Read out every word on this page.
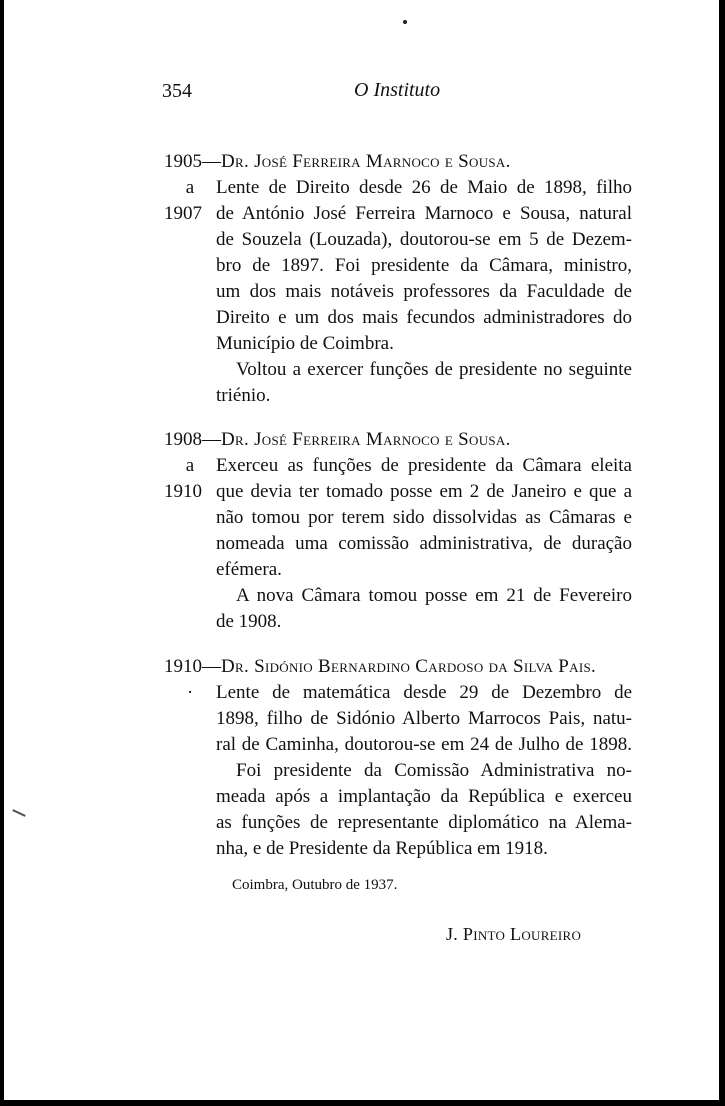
354	O Instituto
1905 — Dr. José Ferreira Marnoco e Sousa.
a	Lente de Direito desde 26 de Maio de 1898, filho
1907 de António José Ferreira Marnoco e Sousa, natural
de Souzela (Louzada), doutorou-se em 5 de Dezem-
bro de 1897. Foi presidente da Câmara, ministro,
um dos mais notáveis professores da Faculdade de
Direito e um dos mais fecundos administradores do
Município de Coimbra.
Voltou a exercer funções de presidente no seguinte
triénio.
1908 — Dr. José Ferreira Marnoco e Sousa.
a	Exerceu as funções de presidente da Câmara eleita
1910 que devia ter tomado posse em 2 de Janeiro e que a
não tomou por terem sido dissolvidas as Câmaras e
nomeada uma comissão administrativa, de duração
efémera.
A nova Câmara tomou posse em 21 de Fevereiro
de 1908.
1910 — Dr. Sidónio Bernardino Cardoso da Silva Pais.
·	Lente de matemática desde 29 de Dezembro de
1898, filho de Sidónio Alberto Marrocos Pais, natu-
ral de Caminha, doutorou-se em 24 de Julho de 1898.
Foi presidente da Comissão Administrativa no-
meada após a implantação da República e exerceu
as funções de representante diplomático na Alema-
nha, e de Presidente da República em 1918.
Coimbra, Outubro de 1937.
J. Pinto Loureiro
